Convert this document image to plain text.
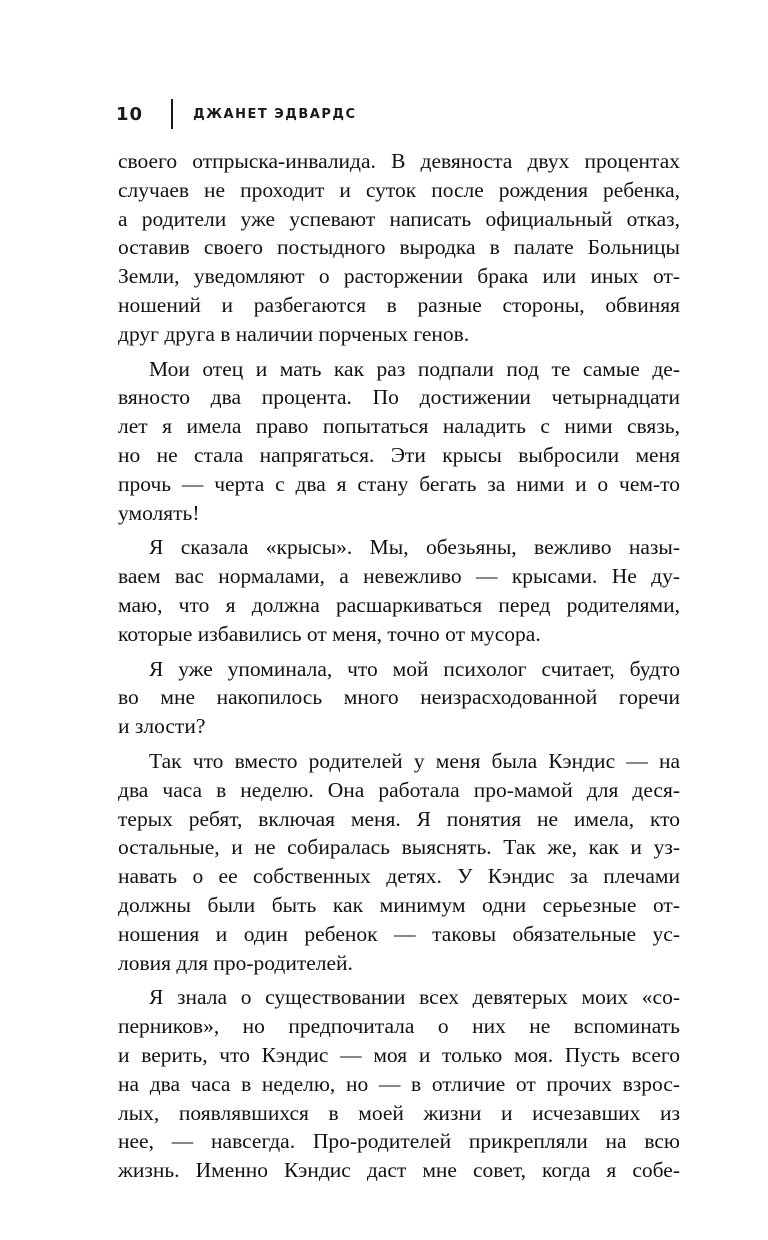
10	ДЖАНЕТ ЭДВАРДС

своего отпрыска-инвалида. В девяноста двух процентах

случаев не проходит и суток после рождения ребенка,

а родители уже успевают написать официальный отказ,

оставив своего постыдного выродка в палате Больницы

Земли, уведомляют о расторжении брака или иных от-

ношений и разбегаются в разные стороны, обвиняя

друг друга в наличии порченых генов.

Мои отец и мать как раз подпали под те самые де-

вяносто два процента. По достижении четырнадцати

лет я имела право попытаться наладить с ними связь,

но не стала напрягаться. Эти крысы выбросили меня

прочь — черта с два я стану бегать за ними и о чем-то

умолять!

Я сказала «крысы». Мы, обезьяны, вежливо назы-

ваем вас нормалами, а невежливо — крысами. Не ду-

маю, что я должна расшаркиваться перед родителями,

которые избавились от меня, точно от мусора.

Я уже упоминала, что мой психолог считает, будто

во мне накопилось много неизрасходованной горечи

и злости?

Так что вместо родителей у меня была Кэндис — на

два часа в неделю. Она работала про-мамой для деся-

терых ребят, включая меня. Я понятия не имела, кто

остальные, и не собиралась выяснять. Так же, как и уз-

навать о ее собственных детях. У Кэндис за плечами

должны были быть как минимум одни серьезные от-

ношения и один ребенок — таковы обязательные ус-

ловия для про-родителей.

Я знала о существовании всех девятерых моих «со-

перников», но предпочитала о них не вспоминать

и верить, что Кэндис — моя и только моя. Пусть всего

на два часа в неделю, но — в отличие от прочих взрос-

лых, появлявшихся в моей жизни и исчезавших из

нее, — навсегда. Про-родителей прикрепляли на всю

жизнь. Именно Кэндис даст мне совет, когда я собе-
